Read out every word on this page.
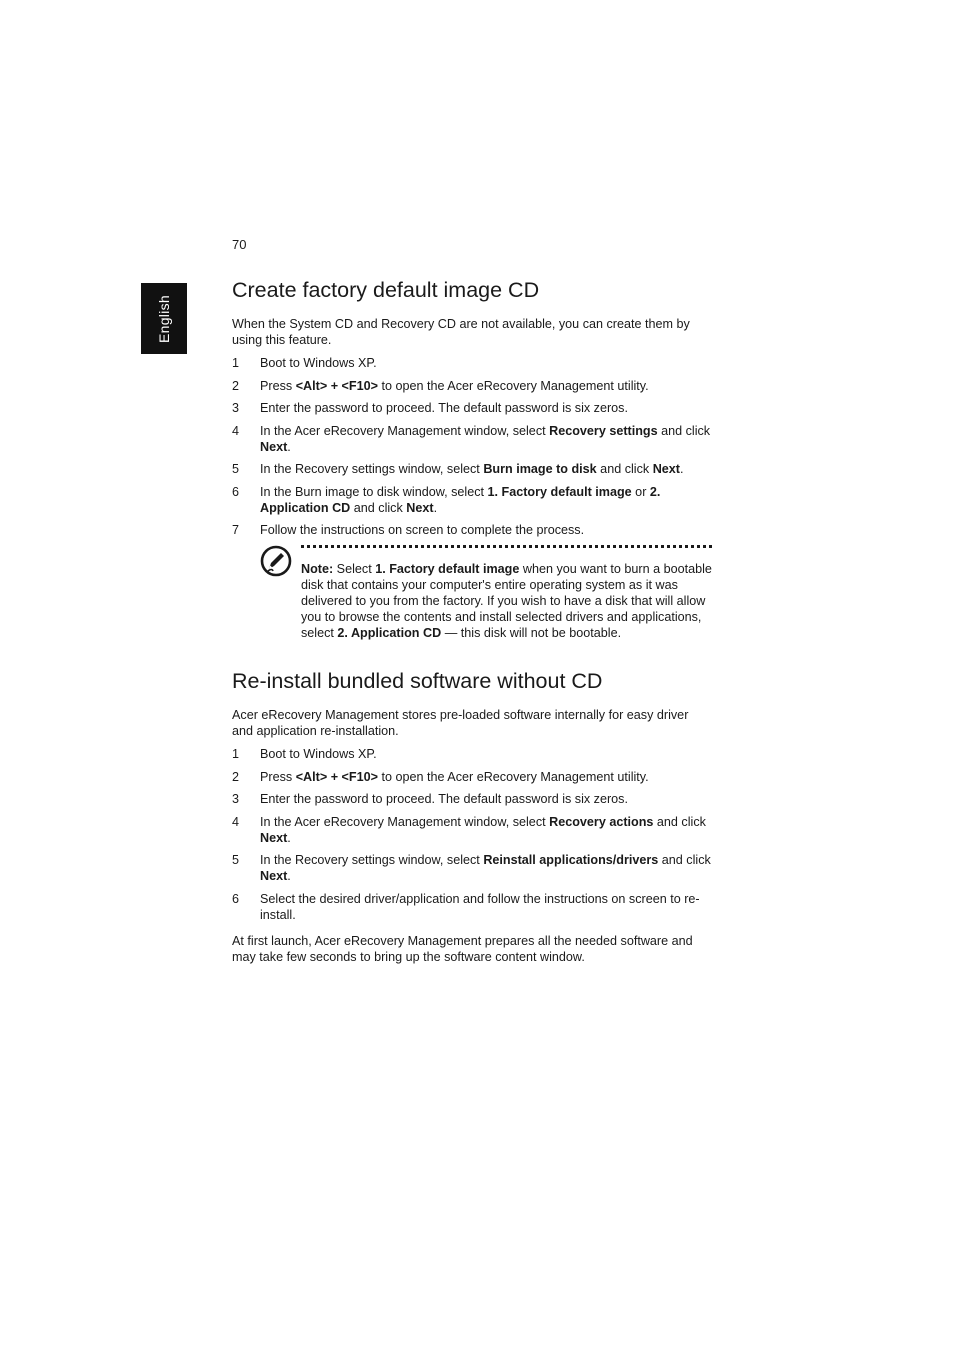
70
English
Create factory default image CD

When the System CD and Recovery CD are not available, you can create them by using this feature.

1	Boot to Windows XP.
2	Press <Alt> + <F10> to open the Acer eRecovery Management utility.
3	Enter the password to proceed. The default password is six zeros.
4	In the Acer eRecovery Management window, select Recovery settings and click Next.
5	In the Recovery settings window, select Burn image to disk and click Next.
6	In the Burn image to disk window, select 1. Factory default image or 2. Application CD and click Next.
7	Follow the instructions on screen to complete the process.

Note: Select 1. Factory default image when you want to burn a bootable disk that contains your computer's entire operating system as it was delivered to you from the factory. If you wish to have a disk that will allow you to browse the contents and install selected drivers and applications, select 2. Application CD — this disk will not be bootable.

Re-install bundled software without CD

Acer eRecovery Management stores pre-loaded software internally for easy driver and application re-installation.

1	Boot to Windows XP.
2	Press <Alt> + <F10> to open the Acer eRecovery Management utility.
3	Enter the password to proceed. The default password is six zeros.
4	In the Acer eRecovery Management window, select Recovery actions and click Next.
5	In the Recovery settings window, select Reinstall applications/drivers and click Next.
6	Select the desired driver/application and follow the instructions on screen to re-install.

At first launch, Acer eRecovery Management prepares all the needed software and may take few seconds to bring up the software content window.
